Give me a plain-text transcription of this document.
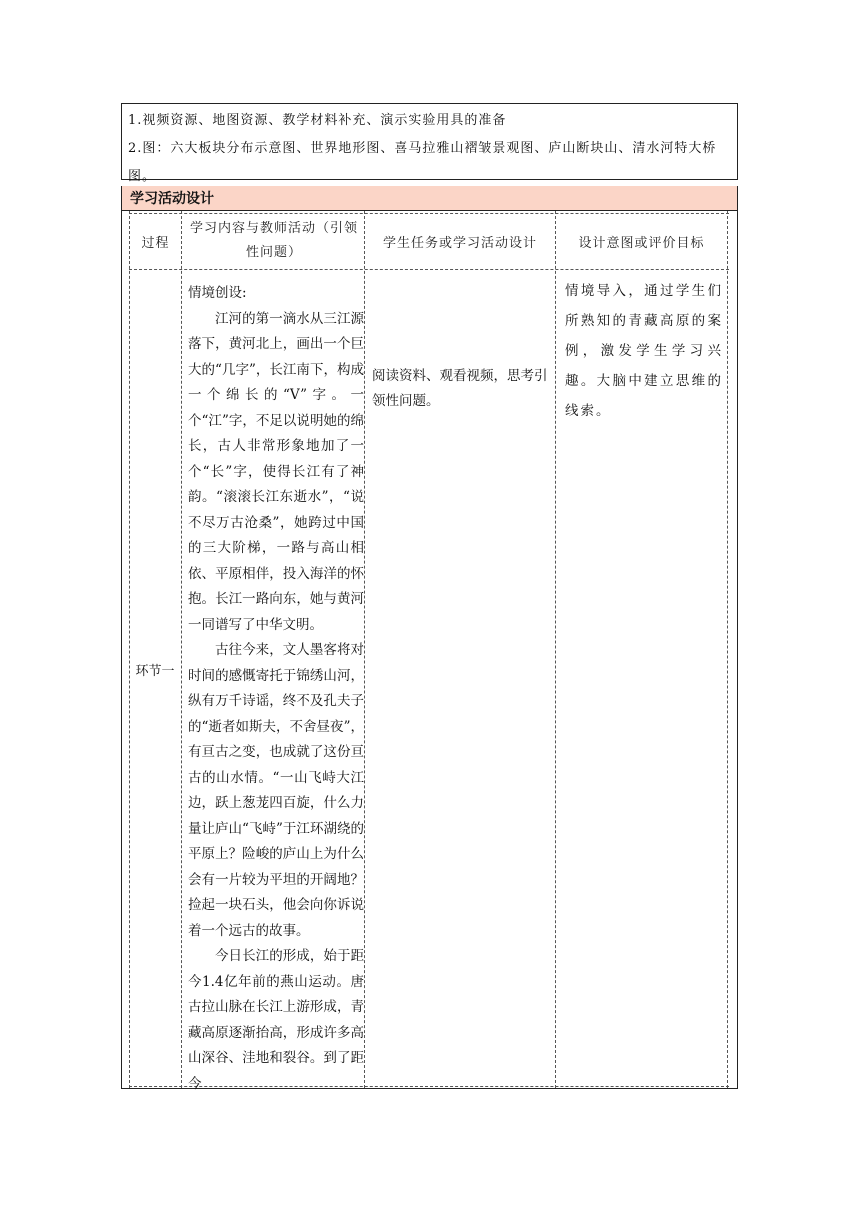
1.视频资源、地图资源、教学材料补充、演示实验用具的准备
2.图：六大板块分布示意图、世界地形图、喜马拉雅山褶皱景观图、庐山断块山、清水河特大桥图。
学习活动设计
过程
学习内容与教师活动（引领性问题）
学生任务或学习活动设计	设计意图或评价目标
环节一

情境创设:

江河的第一滴水从三江源落下，黄河北上，画出一个巨大的“几字”，长江南下，构成一个绵长的“V”字。一个“江”字，不足以说明她的绵长，古人非常形象地加了一个“长”字，使得长江有了神韵。“滚滚长江东逝水”，“说不尽万古沧桑”，她跨过中国的三大阶梯，一路与高山相依、平原相伴，投入海洋的怀抱。长江一路向东，她与黄河一同谱写了中华文明。

古往今来，文人墨客将对时间的感慨寄托于锦绣山河，纵有万千诗谣，终不及孔夫子的“逝者如斯夫，不舍昼夜”，有亘古之变，也成就了这份亘古的山水情。“一山飞峙大江边，跃上葱茏四百旋，什么力量让庐山“飞峙”于江环湖绕的平原上？险峻的庐山上为什么会有一片较为平坦的开阔地？捡起一块石头，他会向你诉说着一个远古的故事。

今日长江的形成，始于距今1.4亿年前的燕山运动。唐古拉山脉在长江上游形成，青藏高原逐渐抬高，形成许多高山深谷、洼地和裂谷。到了距今

阅读资料、观看视频，思考引领性问题。
情境导入，通过学生们所熟知的青藏高原的案例，激发学生学习兴趣。大脑中建立思维的线索。
